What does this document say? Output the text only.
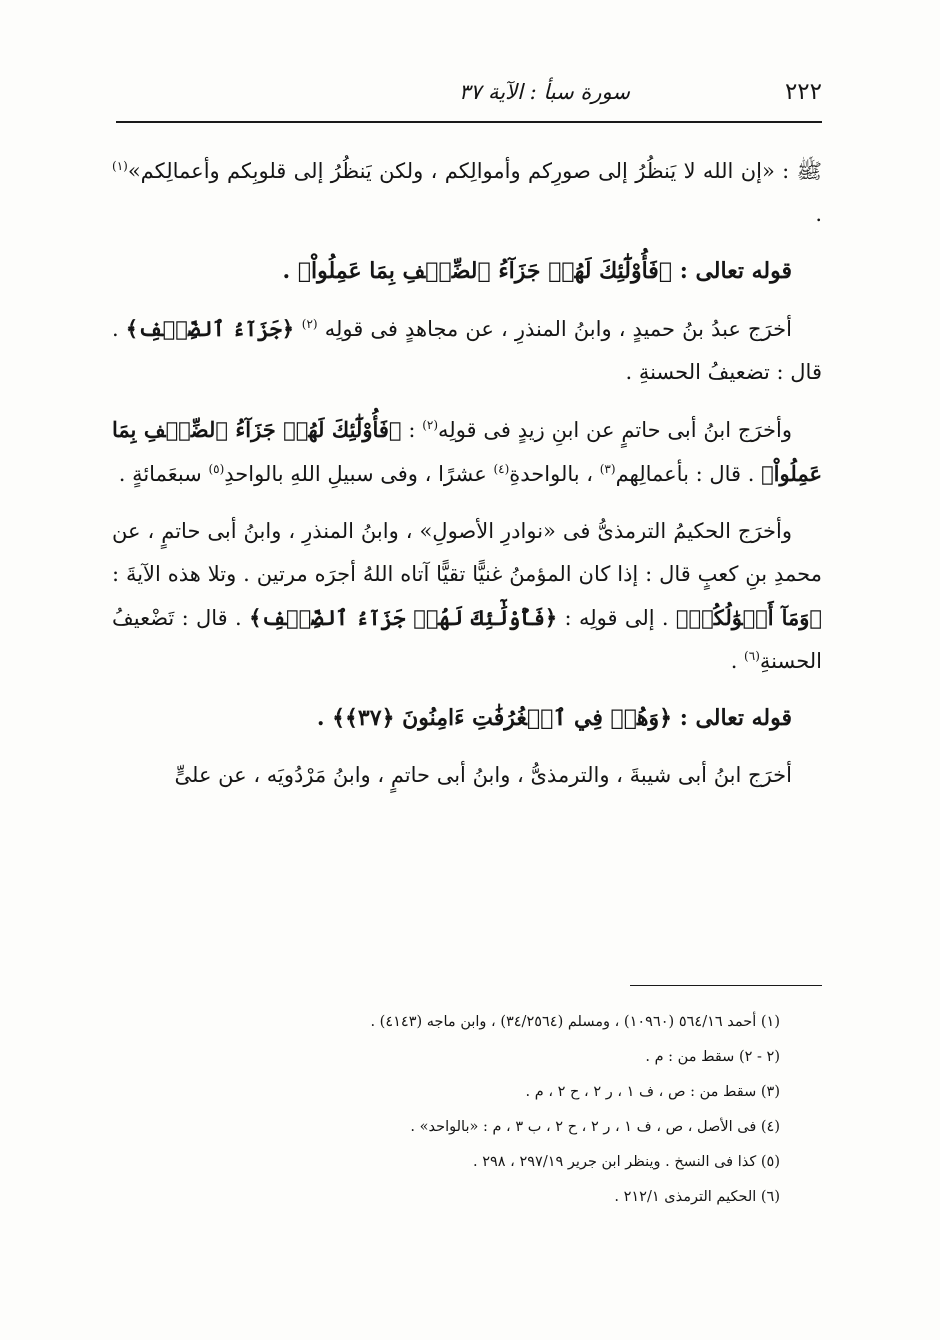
٢٢٢
سورة سبأ : الآية ٣٧

ﷺ : «إن الله لا يَنظُرُ إلى صورِكم وأموالِكم ، ولكن يَنظُرُ إلى قلوبِكم وأعمالِكم»$^{(١)}$ .

قوله تعالى : ﴿فَأُوْلَٰٓئِكَ لَهُمۡ جَزَآءُ ٱلضِّعۡفِ بِمَا عَمِلُواْ﴾ .

أخرَج عبدُ بنُ حميدٍ ، وابنُ المنذرِ ، عن مجاهدٍ فى قولِه $^{(٢)}$ ﴿جَزَآءُ ٱلضِّعۡفِ﴾ . قال : تضعيفُ الحسنةِ .

وأخرَج ابنُ أبى حاتمٍ عن ابنِ زيدٍ فى قولِه$^{(٢)}$ : ﴿فَأُوْلَٰٓئِكَ لَهُمۡ جَزَآءُ ٱلضِّعۡفِ بِمَا عَمِلُواْ﴾ . قال : بأعمالِهم$^{(٣)}$ ، بالواحدةِ$^{(٤)}$ عشرًا ، وفى سبيلِ اللهِ بالواحدِ$^{(٥)}$ سبعَمائةٍ .

وأخرَج الحكيمُ الترمذىُّ فى «نوادرِ الأصولِ» ، وابنُ المنذرِ ، وابنُ أبى حاتمٍ ، عن محمدِ بنِ كعبٍ قال : إذا كان المؤمنُ غنيًّا تقيًّا آتاه اللهُ أجرَه مرتين . وتلا هذه الآيةَ : ﴿وَمَآ أَمۡوَٰلُكُمۡ﴾ . إلى قولِه : ﴿فَأُوْلَٰٓئِكَ لَهُمۡ جَزَآءُ ٱلضِّعۡفِ﴾ . قال : تَضْعيفُ الحسنةِ$^{(٦)}$ .

قوله تعالى : ﴿وَهُمۡ فِي ٱلۡغُرُفَٰتِ ءَامِنُونَ ﴿٣٧﴾﴾ .

أخرَج ابنُ أبى شيبةَ ، والترمذىُّ ، وابنُ أبى حاتمٍ ، وابنُ مَرْدُويَه ، عن علىٍّ

(١) أحمد ٥٦٤/١٦ (١٠٩٦٠) ، ومسلم (٣٤/٢٥٦٤) ، وابن ماجه (٤١٤٣) .
(٢ - ٢) سقط من : م .
(٣) سقط من : ص ، ف ١ ، ر ٢ ، ح ٢ ، م .
(٤) فى الأصل ، ص ، ف ١ ، ر ٢ ، ح ٢ ، ب ٣ ، م : «بالواحد» .
(٥) كذا فى النسخ . وينظر ابن جرير ٢٩٧/١٩ ، ٢٩٨ .
(٦) الحكيم الترمذى ٢١٢/١ .
